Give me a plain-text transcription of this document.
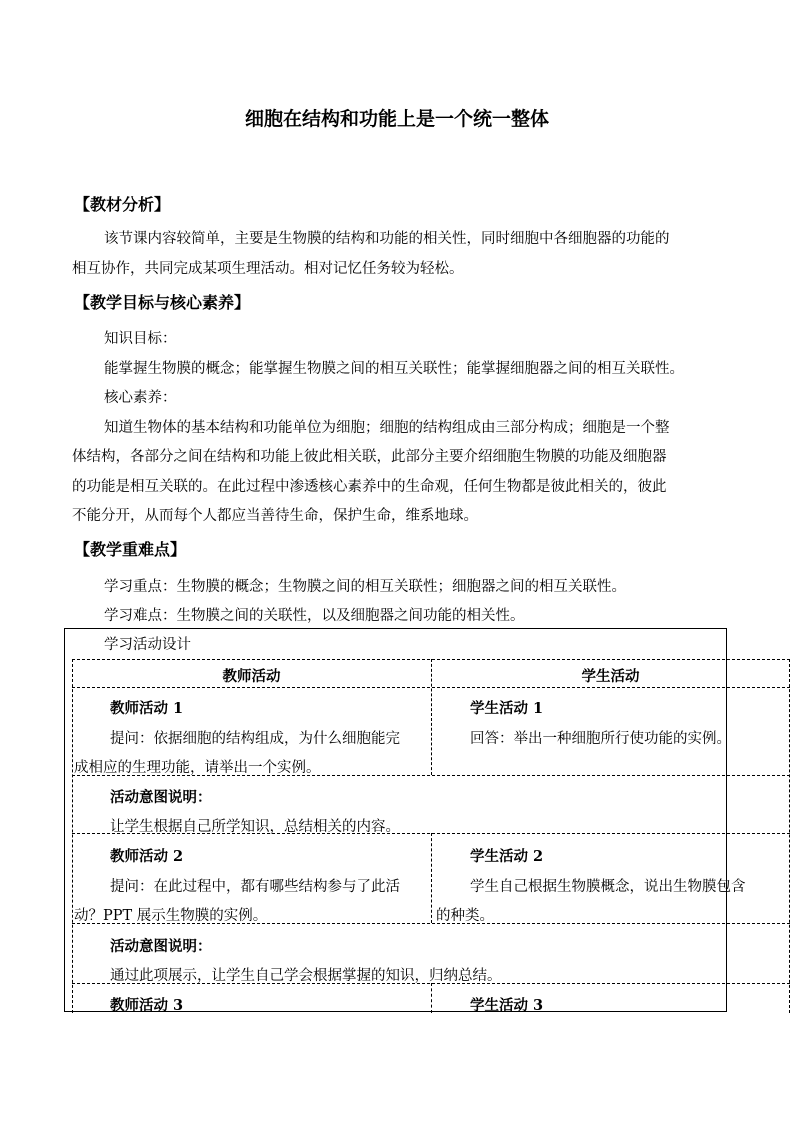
细胞在结构和功能上是一个统一整体
【教材分析】
该节课内容较简单，主要是生物膜的结构和功能的相关性，同时细胞中各细胞器的功能的
相互协作，共同完成某项生理活动。相对记忆任务较为轻松。
【教学目标与核心素养】
知识目标：
能掌握生物膜的概念；能掌握生物膜之间的相互关联性；能掌握细胞器之间的相互关联性。
核心素养：
知道生物体的基本结构和功能单位为细胞；细胞的结构组成由三部分构成；细胞是一个整
体结构，各部分之间在结构和功能上彼此相关联，此部分主要介绍细胞生物膜的功能及细胞器
的功能是相互关联的。在此过程中渗透核心素养中的生命观，任何生物都是彼此相关的，彼此
不能分开，从而每个人都应当善待生命，保护生命，维系地球。
【教学重难点】
学习重点：生物膜的概念；生物膜之间的相互关联性；细胞器之间的相互关联性。
学习难点：生物膜之间的关联性，以及细胞器之间功能的相关性。
学习活动设计
教师活动	学生活动
教师活动 1
提问：依据细胞的结构组成，为什么细胞能完
成相应的生理功能，请举出一个实例。
学生活动 1
回答：举出一种细胞所行使功能的实例。
活动意图说明：
让学生根据自己所学知识，总结相关的内容。
教师活动 2
提问：在此过程中，都有哪些结构参与了此活
动？PPT 展示生物膜的实例。
学生活动 2
学生自己根据生物膜概念，说出生物膜包含
的种类。
活动意图说明：
通过此项展示，让学生自己学会根据掌握的知识，归纳总结。
教师活动 3	学生活动 3
